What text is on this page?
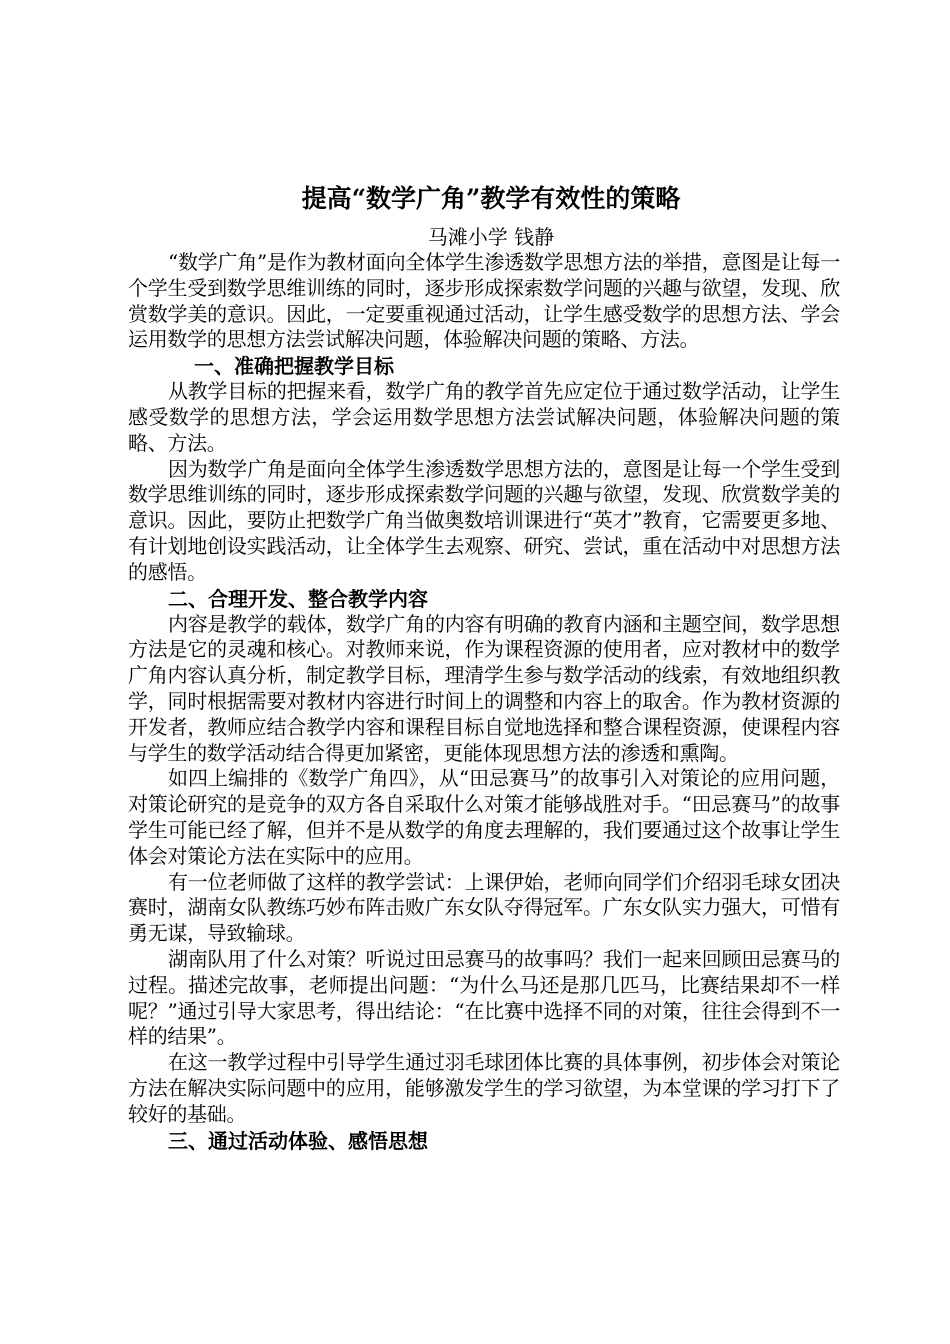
提高“数学广角”教学有效性的策略

马滩小学 钱静

“数学广角”是作为教材面向全体学生渗透数学思想方法的举措，意图是让每一个学生受到数学思维训练的同时，逐步形成探索数学问题的兴趣与欲望，发现、欣赏数学美的意识。因此，一定要重视通过活动，让学生感受数学的思想方法、学会运用数学的思想方法尝试解决问题，体验解决问题的策略、方法。

一、准确把握教学目标

从教学目标的把握来看，数学广角的教学首先应定位于通过数学活动，让学生感受数学的思想方法，学会运用数学思想方法尝试解决问题，体验解决问题的策略、方法。

因为数学广角是面向全体学生渗透数学思想方法的，意图是让每一个学生受到数学思维训练的同时，逐步形成探索数学问题的兴趣与欲望，发现、欣赏数学美的意识。因此，要防止把数学广角当做奥数培训课进行“英才”教育，它需要更多地、有计划地创设实践活动，让全体学生去观察、研究、尝试，重在活动中对思想方法的感悟。

二、合理开发、整合教学内容

内容是教学的载体，数学广角的内容有明确的教育内涵和主题空间，数学思想方法是它的灵魂和核心。对教师来说，作为课程资源的使用者，应对教材中的数学广角内容认真分析，制定教学目标，理清学生参与数学活动的线索，有效地组织教学，同时根据需要对教材内容进行时间上的调整和内容上的取舍。作为教材资源的开发者，教师应结合教学内容和课程目标自觉地选择和整合课程资源，使课程内容与学生的数学活动结合得更加紧密，更能体现思想方法的渗透和熏陶。

如四上编排的《数学广角四》，从“田忌赛马”的故事引入对策论的应用问题，对策论研究的是竞争的双方各自采取什么对策才能够战胜对手。“田忌赛马”的故事学生可能已经了解，但并不是从数学的角度去理解的，我们要通过这个故事让学生体会对策论方法在实际中的应用。

有一位老师做了这样的教学尝试：上课伊始，老师向同学们介绍羽毛球女团决赛时，湖南女队教练巧妙布阵击败广东女队夺得冠军。广东女队实力强大，可惜有勇无谋，导致输球。

湖南队用了什么对策？听说过田忌赛马的故事吗？我们一起来回顾田忌赛马的过程。描述完故事，老师提出问题：“为什么马还是那几匹马，比赛结果却不一样呢？”通过引导大家思考，得出结论：“在比赛中选择不同的对策，往往会得到不一样的结果”。

在这一教学过程中引导学生通过羽毛球团体比赛的具体事例，初步体会对策论方法在解决实际问题中的应用，能够激发学生的学习欲望，为本堂课的学习打下了较好的基础。

三、通过活动体验、感悟思想
